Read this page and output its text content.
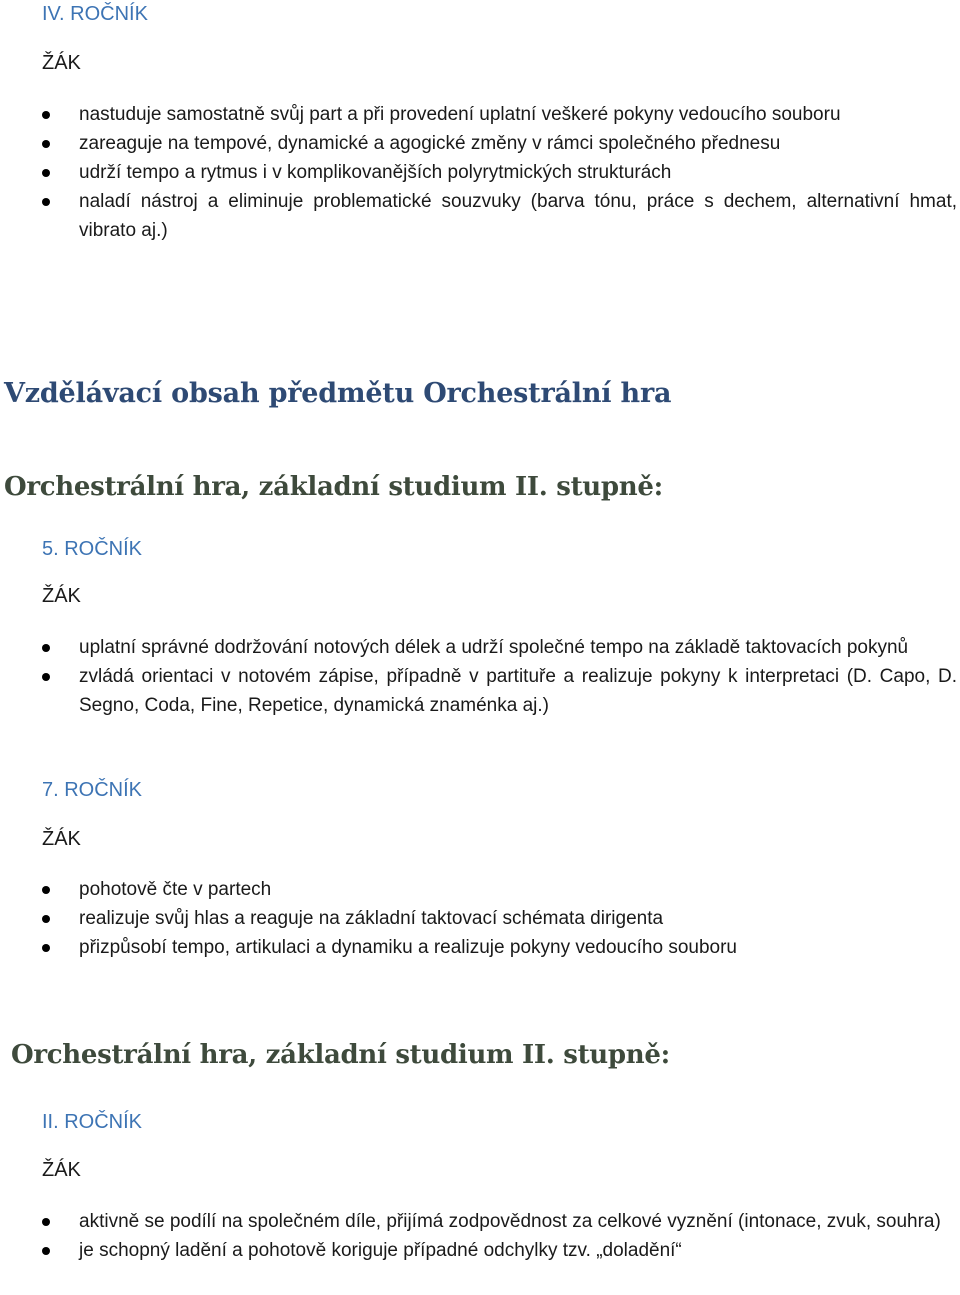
IV. ROČNÍK
ŽÁK
nastuduje samostatně svůj part a při provedení uplatní veškeré pokyny vedoucího souboru
zareaguje na tempové, dynamické a agogické změny v rámci společného přednesu
udrží tempo a rytmus i v komplikovanějších polyrytmických strukturách
naladí nástroj a eliminuje problematické souzvuky (barva tónu, práce s dechem, alternativní hmat, vibrato aj.)
Vzdělávací obsah předmětu Orchestrální hra
Orchestrální hra, základní studium II. stupně:
5. ROČNÍK
ŽÁK
uplatní správné dodržování notových délek a udrží společné tempo na základě taktovacích pokynů
zvládá orientaci v notovém zápise, případně v partituře a realizuje pokyny k interpretaci (D. Capo, D. Segno, Coda, Fine, Repetice, dynamická znaménka aj.)
7. ROČNÍK
ŽÁK
pohotově čte v partech
realizuje svůj hlas a reaguje na základní taktovací schémata dirigenta
přizpůsobí tempo, artikulaci a dynamiku a realizuje pokyny vedoucího souboru
Orchestrální hra, základní studium II. stupně:
II. ROČNÍK
ŽÁK
aktivně se podílí na společném díle, přijímá zodpovědnost za celkové vyznění (intonace, zvuk, souhra)
je schopný ladění a pohotově koriguje případné odchylky tzv. „doladění“
